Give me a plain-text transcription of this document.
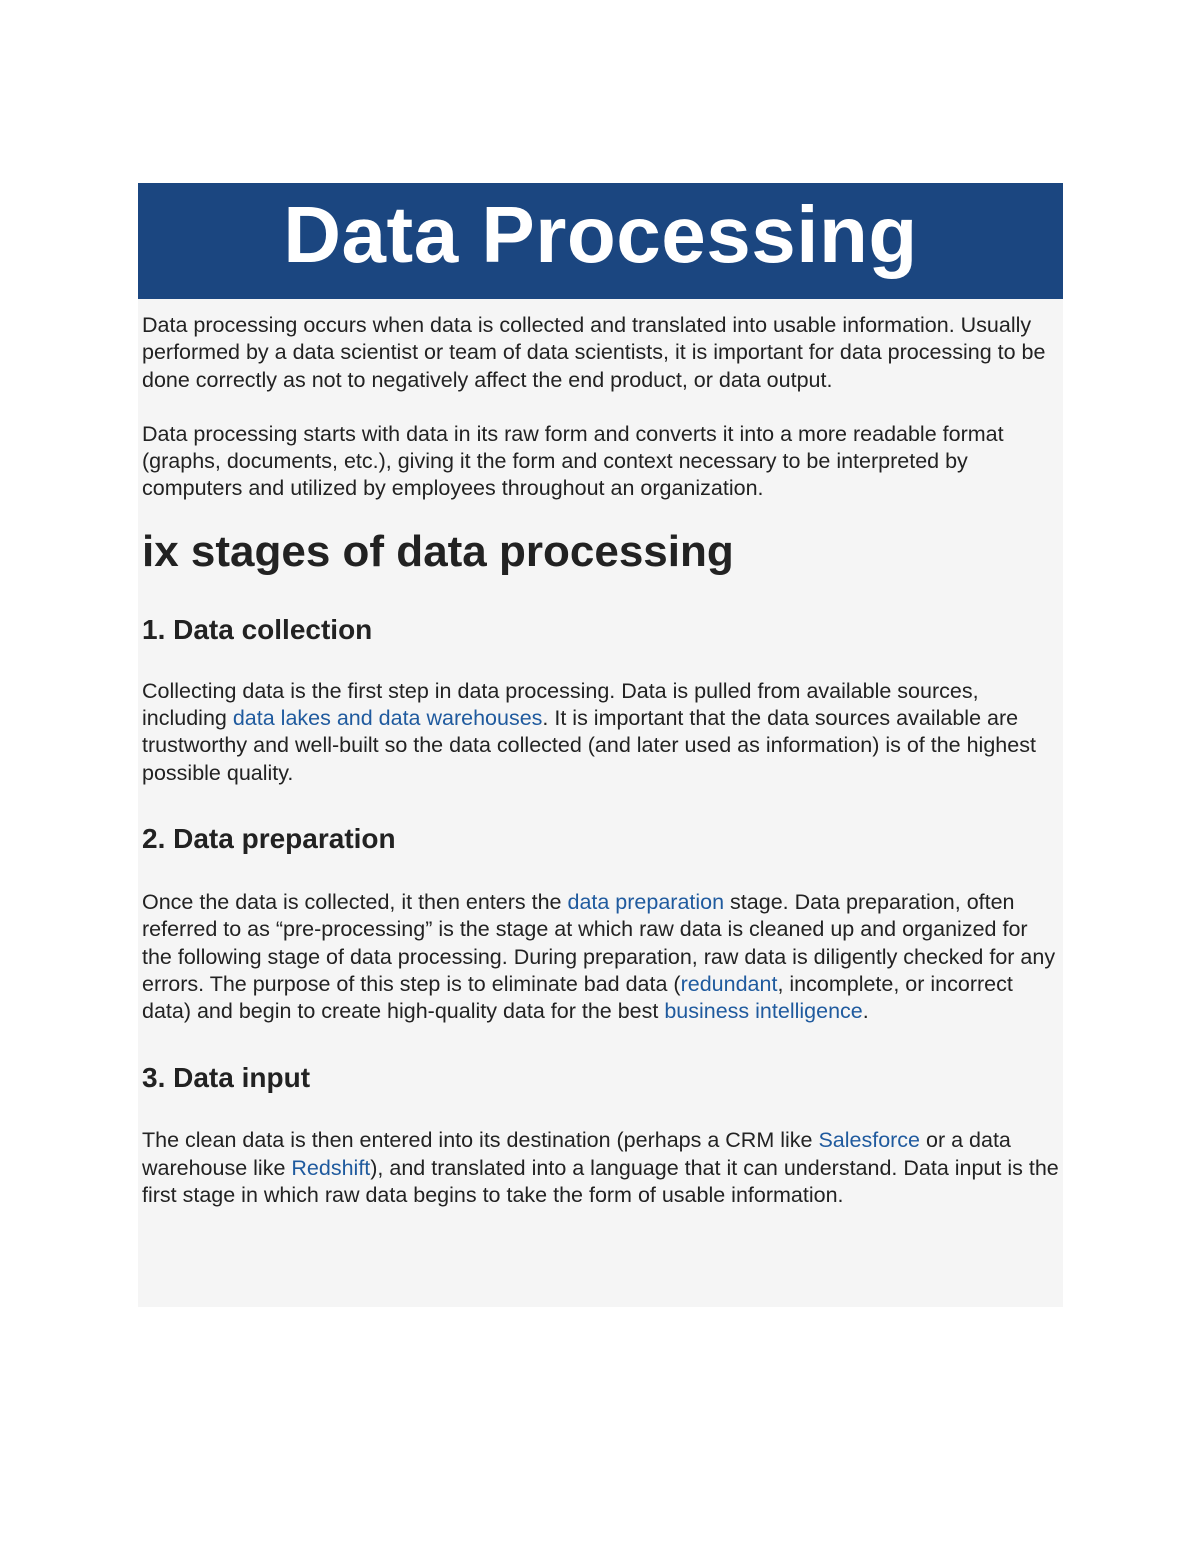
Data Processing

Data processing occurs when data is collected and translated into usable information. Usually performed by a data scientist or team of data scientists, it is important for data processing to be done correctly as not to negatively affect the end product, or data output.

Data processing starts with data in its raw form and converts it into a more readable format (graphs, documents, etc.), giving it the form and context necessary to be interpreted by computers and utilized by employees throughout an organization.

ix stages of data processing
1. Data collection

Collecting data is the first step in data processing. Data is pulled from available sources, including data lakes and data warehouses. It is important that the data sources available are trustworthy and well-built so the data collected (and later used as information) is of the highest possible quality.

2. Data preparation

Once the data is collected, it then enters the data preparation stage. Data preparation, often referred to as “pre-processing” is the stage at which raw data is cleaned up and organized for the following stage of data processing. During preparation, raw data is diligently checked for any errors. The purpose of this step is to eliminate bad data (redundant, incomplete, or incorrect data) and begin to create high-quality data for the best business intelligence.

3. Data input

The clean data is then entered into its destination (perhaps a CRM like Salesforce or a data warehouse like Redshift), and translated into a language that it can understand. Data input is the first stage in which raw data begins to take the form of usable information.
